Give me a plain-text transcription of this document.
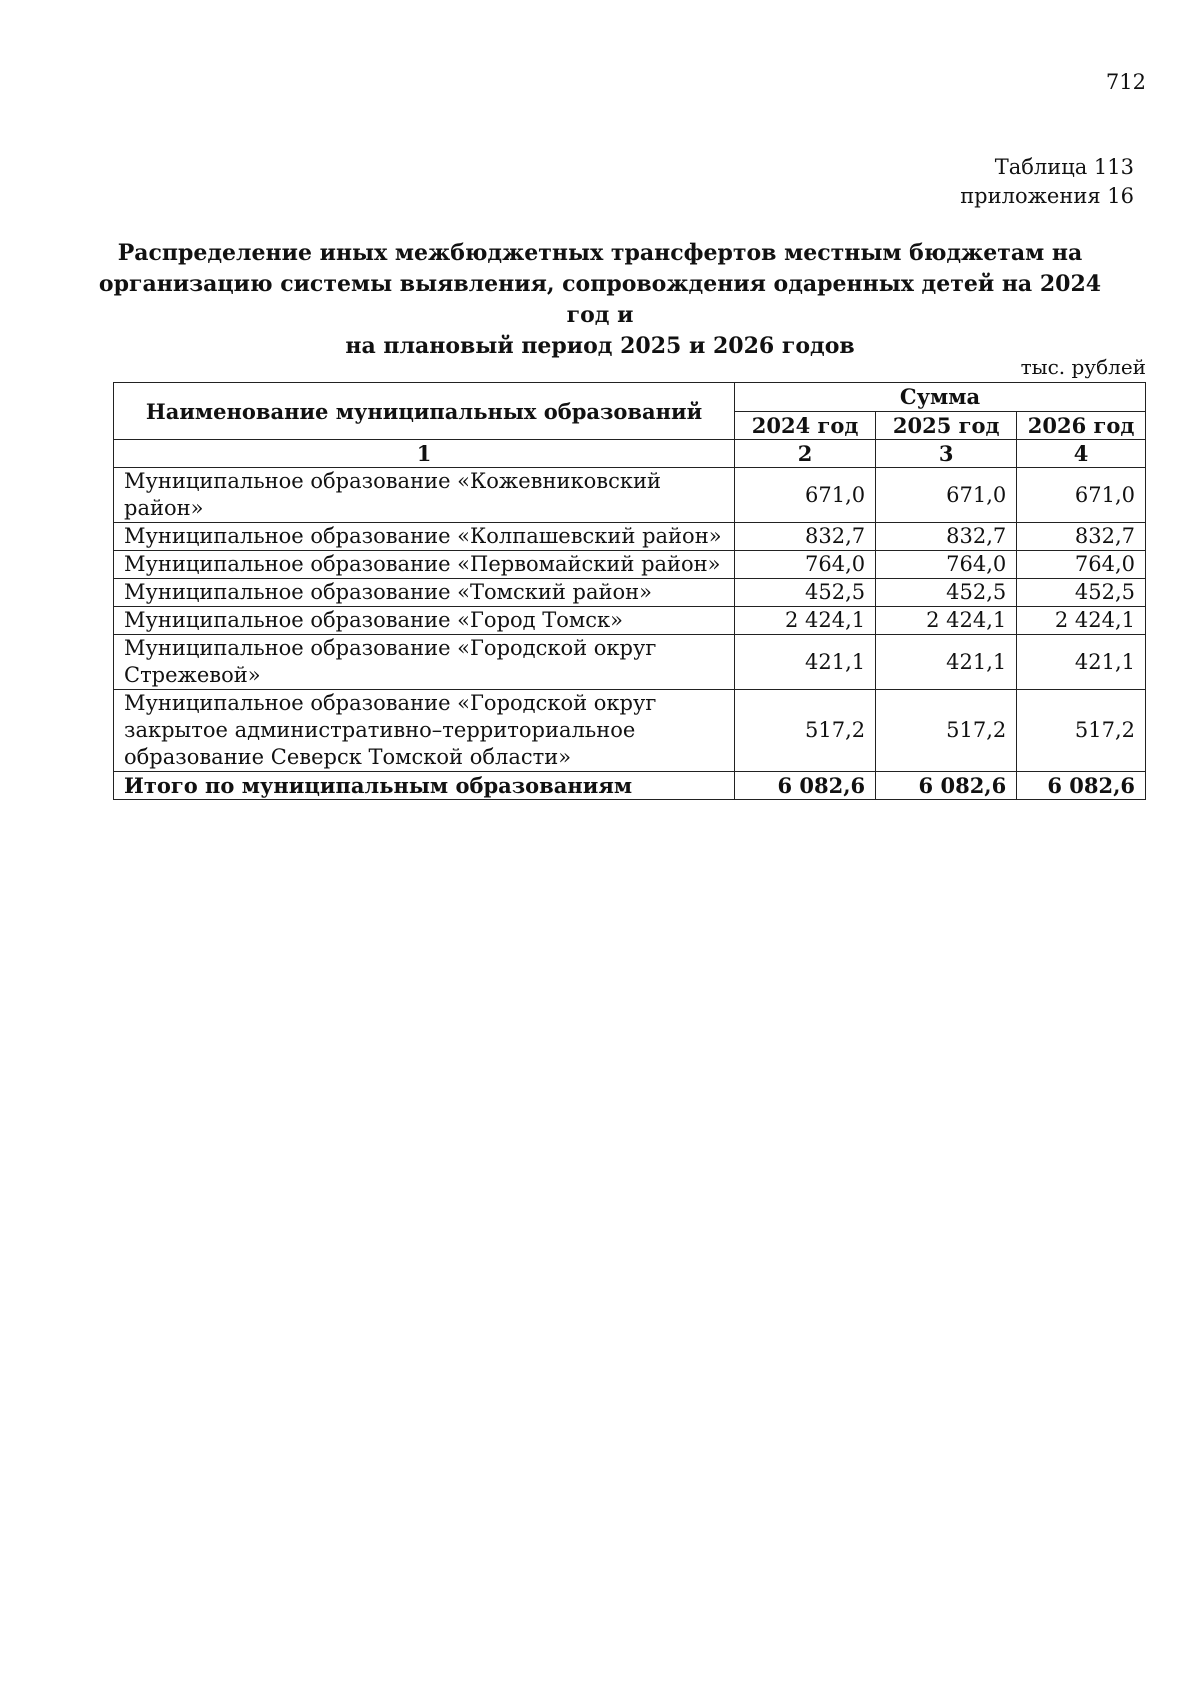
712
Таблица 113
приложения 16
Распределение иных межбюджетных трансфертов местным бюджетам на
организацию системы выявления, сопровождения одаренных детей на 2024 год и
на плановый период 2025 и 2026 годов
тыс. рублей
Наименование муниципальных образований	Сумма		
	2024 год	2025 год	2026 год
1	2	3	4
Муниципальное образование «Кожевниковский район»	671,0	671,0	671,0
Муниципальное образование «Колпашевский район»	832,7	832,7	832,7
Муниципальное образование «Первомайский район»	764,0	764,0	764,0
Муниципальное образование «Томский район»	452,5	452,5	452,5
Муниципальное образование «Город Томск»	2 424,1	2 424,1	2 424,1
Муниципальное образование «Городской округ Стрежевой»	421,1	421,1	421,1
Муниципальное образование «Городской округ закрытое административно–территориальное образование Северск Томской области»	517,2	517,2	517,2
Итого по муниципальным образованиям	6 082,6	6 082,6	6 082,6
